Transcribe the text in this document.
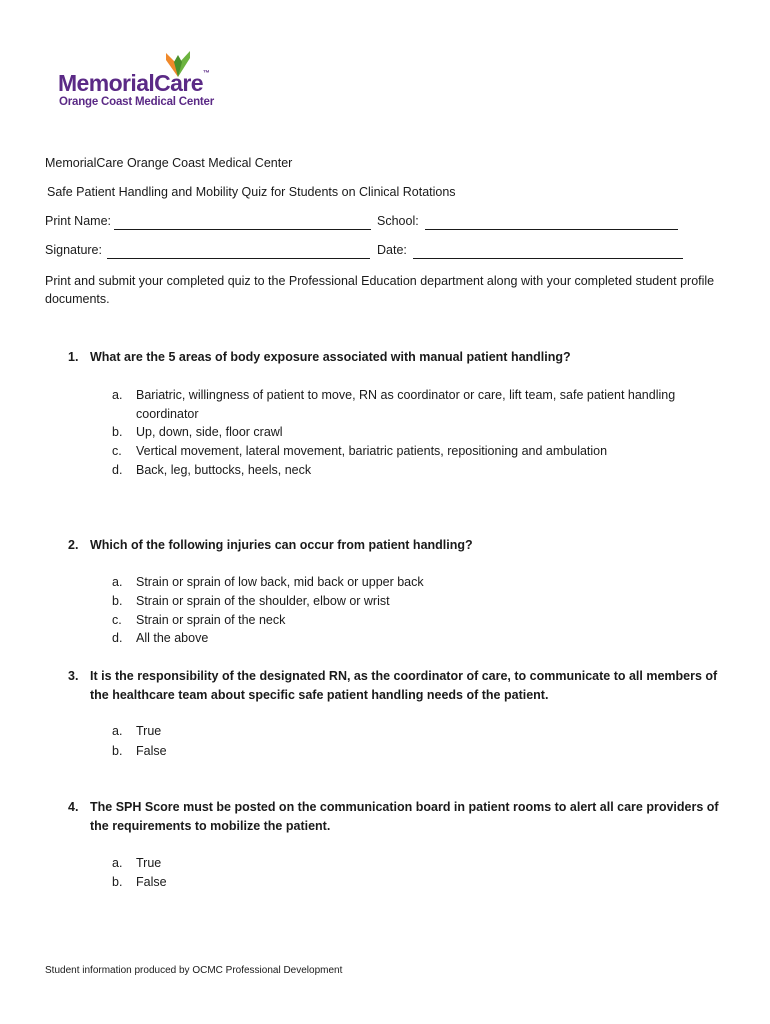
MemorialCare™
Orange Coast Medical Center
MemorialCare Orange Coast Medical Center
Safe Patient Handling and Mobility Quiz for Students on Clinical Rotations
Print Name:	School:
Signature:	Date:
Print and submit your completed quiz to the Professional Education department along with your completed student profile documents.
1. What are the 5 areas of body exposure associated with manual patient handling?
a. Bariatric, willingness of patient to move, RN as coordinator or care, lift team, safe patient handling coordinator
b. Up, down, side, floor crawl
c. Vertical movement, lateral movement, bariatric patients, repositioning and ambulation
d. Back, leg, buttocks, heels, neck
2. Which of the following injuries can occur from patient handling?
a. Strain or sprain of low back, mid back or upper back
b. Strain or sprain of the shoulder, elbow or wrist
c. Strain or sprain of the neck
d. All the above
3. It is the responsibility of the designated RN, as the coordinator of care, to communicate to all members of the healthcare team about specific safe patient handling needs of the patient.
a. True
b. False
4. The SPH Score must be posted on the communication board in patient rooms to alert all care providers of the requirements to mobilize the patient.
a. True
b. False
Student information produced by OCMC Professional Development
